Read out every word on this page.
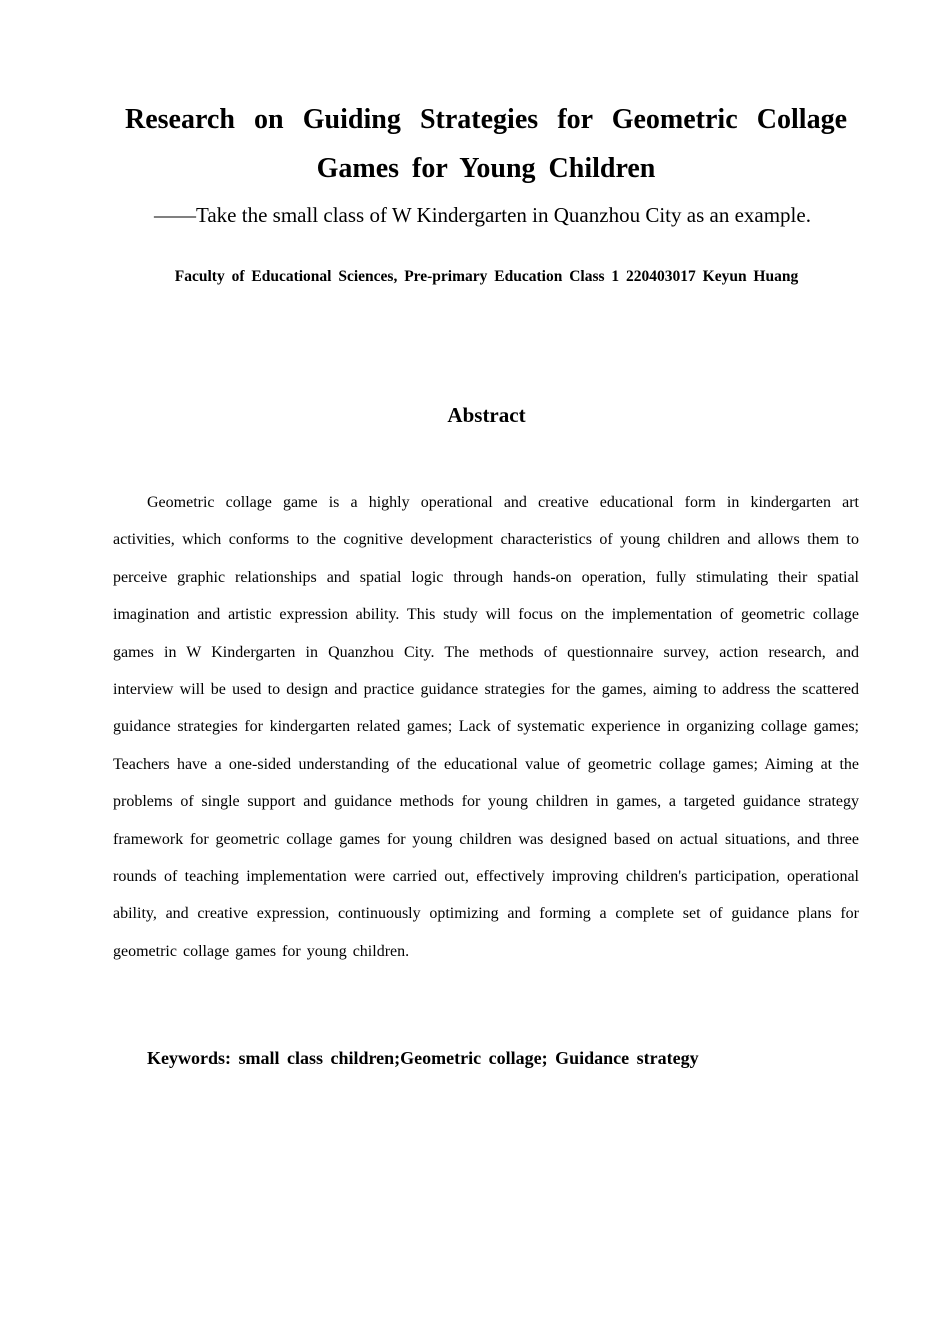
Research on Guiding Strategies for Geometric Collage Games for Young Children

——Take the small class of W Kindergarten in Quanzhou City as an example.

Faculty of Educational Sciences, Pre-primary Education Class 1 220403017 Keyun Huang

Abstract

Geometric collage game is a highly operational and creative educational form in kindergarten art activities, which conforms to the cognitive development characteristics of young children and allows them to perceive graphic relationships and spatial logic through hands-on operation, fully stimulating their spatial imagination and artistic expression ability. This study will focus on the implementation of geometric collage games in W Kindergarten in Quanzhou City. The methods of questionnaire survey, action research, and interview will be used to design and practice guidance strategies for the games, aiming to address the scattered guidance strategies for kindergarten related games; Lack of systematic experience in organizing collage games; Teachers have a one-sided understanding of the educational value of geometric collage games; Aiming at the problems of single support and guidance methods for young children in games, a targeted guidance strategy framework for geometric collage games for young children was designed based on actual situations, and three rounds of teaching implementation were carried out, effectively improving children's participation, operational ability, and creative expression, continuously optimizing and forming a complete set of guidance plans for geometric collage games for young children.

Keywords: small class children;Geometric collage; Guidance strategy
